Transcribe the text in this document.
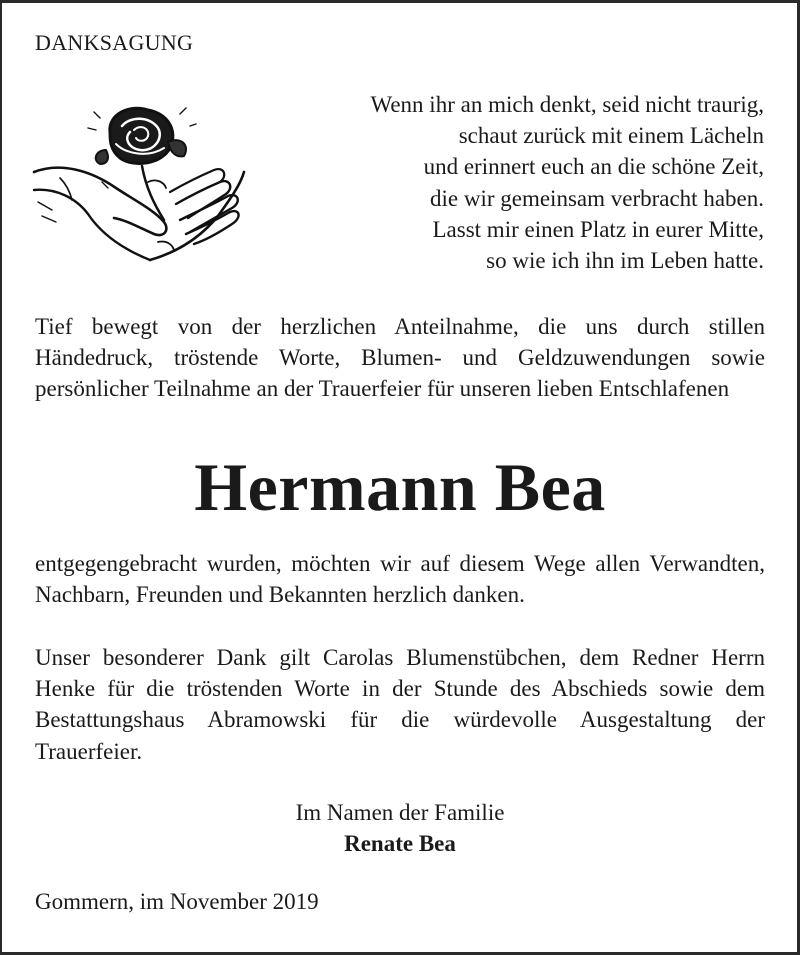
DANKSAGUNG
Wenn ihr an mich denkt, seid nicht traurig,
schaut zurück mit einem Lächeln
und erinnert euch an die schöne Zeit,
die wir gemeinsam verbracht haben.
Lasst mir einen Platz in eurer Mitte,
so wie ich ihn im Leben hatte.
Tief bewegt von der herzlichen Anteilnahme, die uns durch stillen Händedruck, tröstende Worte, Blumen- und Geldzuwendungen sowie persönlicher Teilnahme an der Trauerfeier für unseren lieben Entschlafenen
Hermann Bea
entgegengebracht wurden, möchten wir auf diesem Wege allen Verwandten, Nachbarn, Freunden und Bekannten herzlich danken.
Unser besonderer Dank gilt Carolas Blumenstübchen, dem Redner Herrn Henke für die tröstenden Worte in der Stunde des Abschieds sowie dem Bestattungshaus Abramowski für die würdevolle Ausgestaltung der Trauerfeier.
Im Namen der Familie
Renate Bea
Gommern, im November 2019
